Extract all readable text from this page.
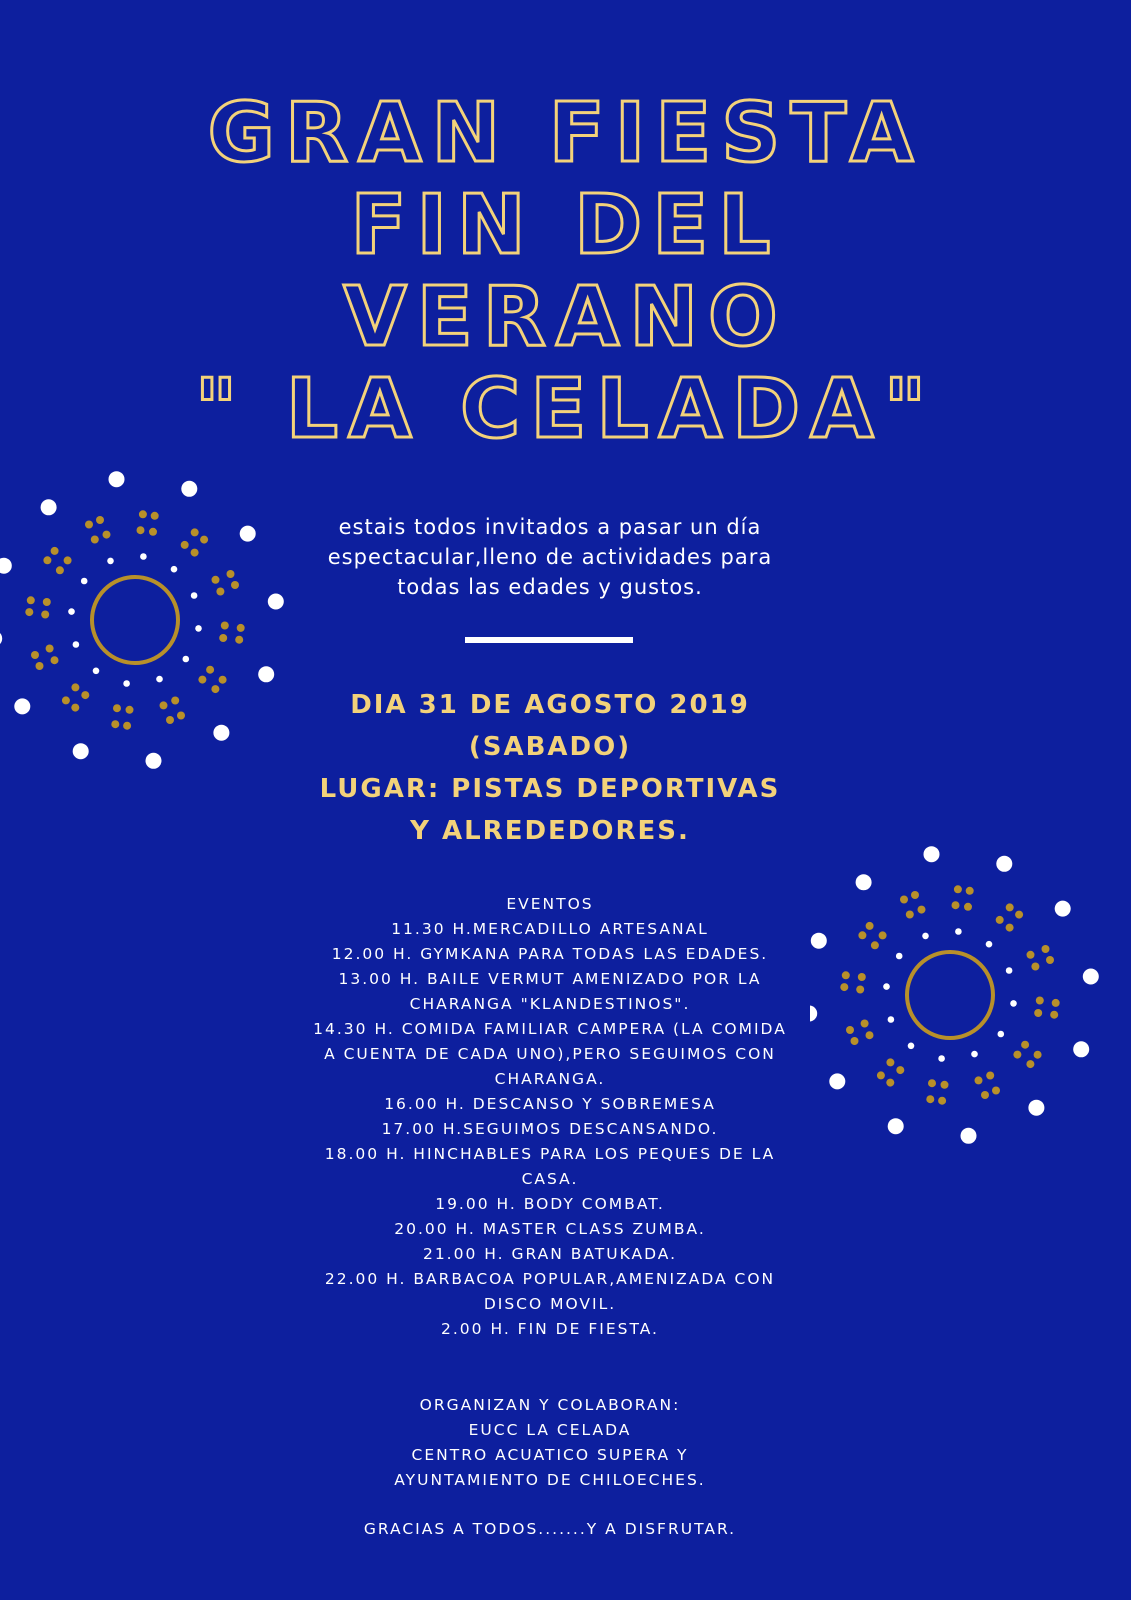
GRAN FIESTA
FIN DEL
VERANO
" LA CELADA"

estais todos invitados a pasar un día
espectacular,lleno de actividades para
todas las edades y gustos.

DIA 31 DE AGOSTO 2019
(SABADO)
LUGAR: PISTAS DEPORTIVAS
Y ALREDEDORES.
EVENTOS
11.30 H.MERCADILLO ARTESANAL
12.00 H. GYMKANA PARA TODAS LAS EDADES.
13.00 H. BAILE VERMUT AMENIZADO POR LA
CHARANGA "KLANDESTINOS".
14.30 H. COMIDA FAMILIAR CAMPERA (LA COMIDA
A CUENTA DE CADA UNO),PERO SEGUIMOS CON
CHARANGA.
16.00 H. DESCANSO Y SOBREMESA
17.00 H.SEGUIMOS DESCANSANDO.
18.00 H. HINCHABLES PARA LOS PEQUES DE LA
CASA.
19.00 H. BODY COMBAT.
20.00 H. MASTER CLASS ZUMBA.
21.00 H. GRAN BATUKADA.
22.00 H. BARBACOA POPULAR,AMENIZADA CON
DISCO MOVIL.
2.00 H. FIN DE FIESTA.
ORGANIZAN Y COLABORAN:
EUCC LA CELADA
CENTRO ACUATICO SUPERA Y
AYUNTAMIENTO DE CHILOECHES.

GRACIAS A TODOS.......Y A DISFRUTAR.
